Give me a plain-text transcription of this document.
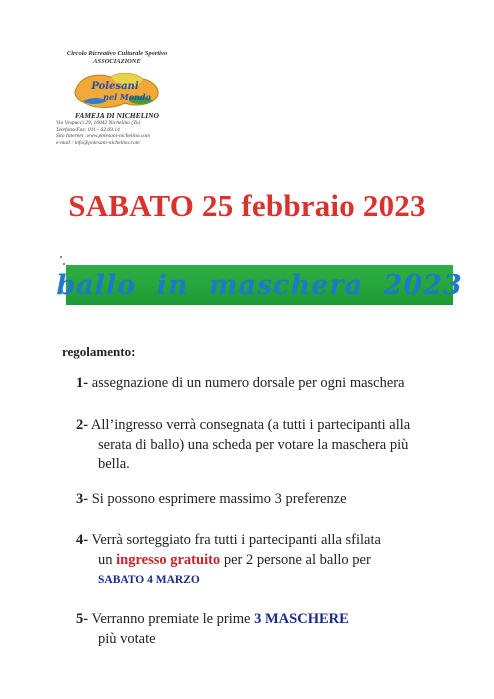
Circolo Ricreativo Culturale Sportivo
ASSOCIAZIONE
Polesani
nel Mondo
FAMEJA DI NICHELINO
Via Vespucci 29, 10042 Nichelino (To)
Telefono/Fax: 011 - 62.69.14
Sito Internet :www.polesani-nichelino.com
e-mail : info@polesani-nichelino.com
SABATO 25 febbraio 2023
ballo in maschera 2023
regolamento:
1- assegnazione di un numero dorsale per ogni maschera
2- All’ingresso verrà consegnata (a tutti i partecipanti alla
serata di ballo) una scheda per votare la maschera più
bella.
3- Si possono esprimere massimo 3 preferenze
4- Verrà sorteggiato fra tutti i partecipanti alla sfilata
un ingresso gratuito per 2 persone al ballo per
SABATO 4 MARZO
5- Verranno premiate le prime 3 MASCHERE
più votate
